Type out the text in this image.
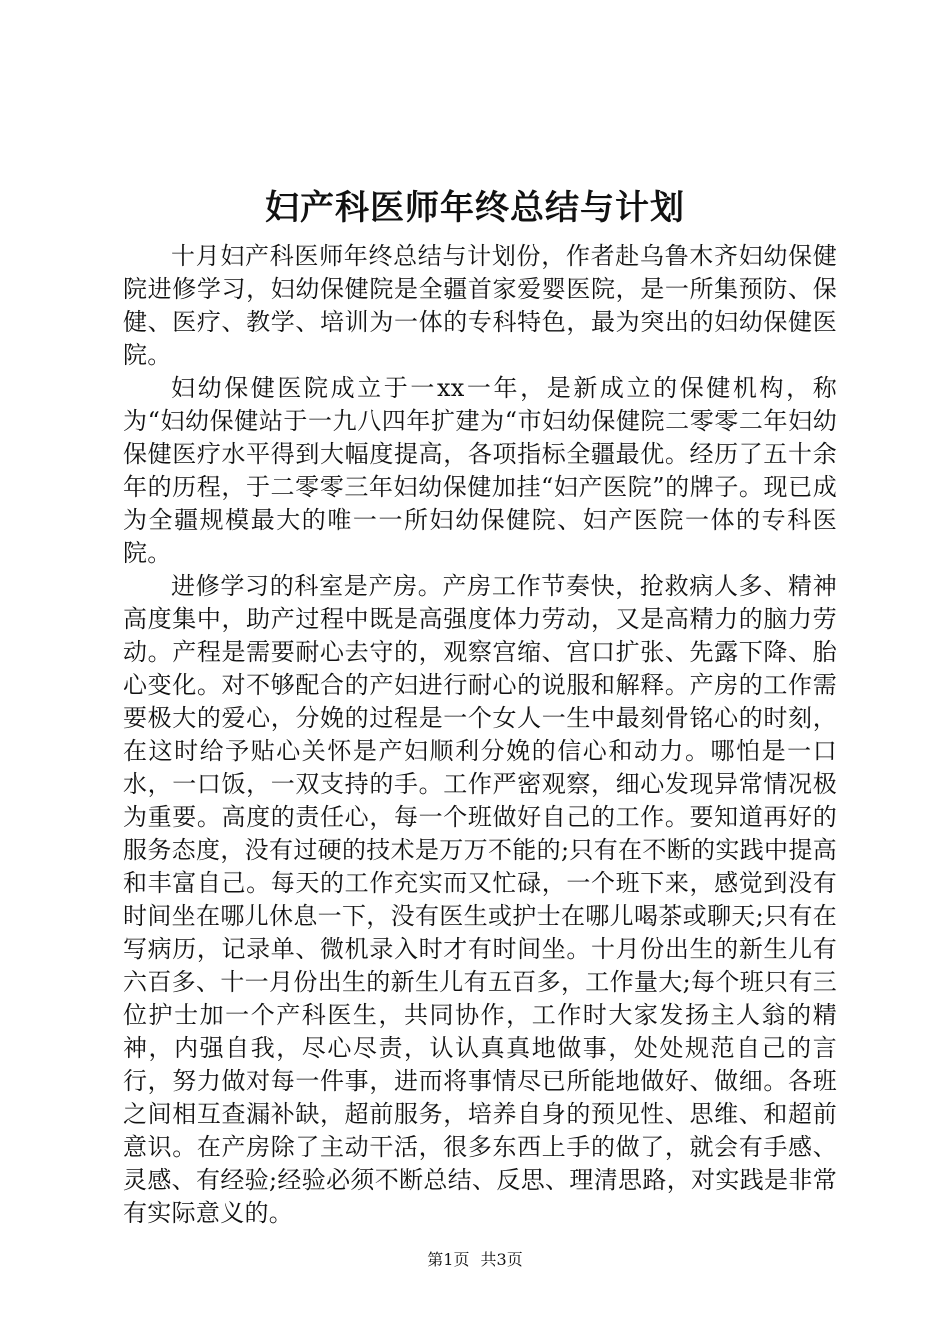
妇产科医师年终总结与计划

十月妇产科医师年终总结与计划份，作者赴乌鲁木齐妇幼保健院进修学习，妇幼保健院是全疆首家爱婴医院，是一所集预防、保健、医疗、教学、培训为一体的专科特色，最为突出的妇幼保健医院。

妇幼保健医院成立于一xx一年，是新成立的保健机构，称为“妇幼保健站于一九八四年扩建为“市妇幼保健院二零零二年妇幼保健医疗水平得到大幅度提高，各项指标全疆最优。经历了五十余年的历程，于二零零三年妇幼保健加挂“妇产医院”的牌子。现已成为全疆规模最大的唯一一所妇幼保健院、妇产医院一体的专科医院。

进修学习的科室是产房。产房工作节奏快，抢救病人多、精神高度集中，助产过程中既是高强度体力劳动，又是高精力的脑力劳动。产程是需要耐心去守的，观察宫缩、宫口扩张、先露下降、胎心变化。对不够配合的产妇进行耐心的说服和解释。产房的工作需要极大的爱心，分娩的过程是一个女人一生中最刻骨铭心的时刻，在这时给予贴心关怀是产妇顺利分娩的信心和动力。哪怕是一口水，一口饭，一双支持的手。工作严密观察，细心发现异常情况极为重要。高度的责任心，每一个班做好自己的工作。要知道再好的服务态度，没有过硬的技术是万万不能的;只有在不断的实践中提高和丰富自己。每天的工作充实而又忙碌，一个班下来，感觉到没有时间坐在哪儿休息一下，没有医生或护士在哪儿喝茶或聊天;只有在写病历，记录单、微机录入时才有时间坐。十月份出生的新生儿有六百多、十一月份出生的新生儿有五百多，工作量大;每个班只有三位护士加一个产科医生，共同协作，工作时大家发扬主人翁的精神，内强自我，尽心尽责，认认真真地做事，处处规范自己的言行，努力做对每一件事，进而将事情尽已所能地做好、做细。各班之间相互查漏补缺，超前服务，培养自身的预见性、思维、和超前意识。在产房除了主动干活，很多东西上手的做了，就会有手感、灵感、有经验;经验必须不断总结、反思、理清思路，对实践是非常有实际意义的。

第1页 共3页
